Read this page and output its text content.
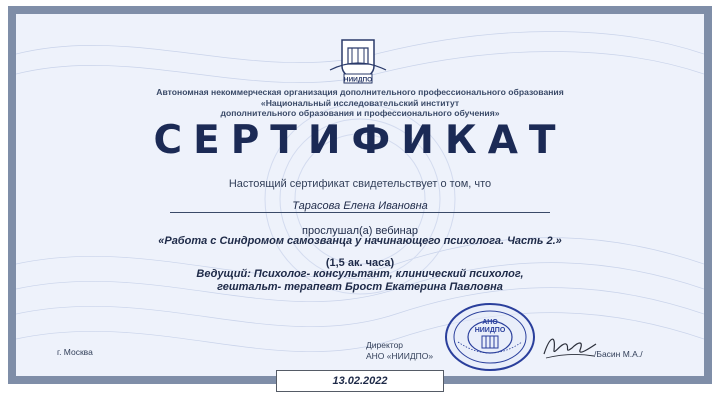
НИИДПО
Автономная некоммерческая организация дополнительного профессионального образования
«Национальный исследовательский институт
дополнительного образования и профессионального обучения»
СЕРТИФИКАТ
Настоящий сертификат свидетельствует о том, что
Тарасова Елена Ивановна
прослушал(а) вебинар
«Работа с Синдромом самозванца у начинающего психолога. Часть 2.»
(1,5 ак. часа)
Ведущий: Психолог- консультант, клинический психолог,
гештальт- терапевт Брост Екатерина Павловна
г. Москва
Директор
АНО «НИИДПО»
АНО
НИИДПО
/Басин М.А./
13.02.2022
